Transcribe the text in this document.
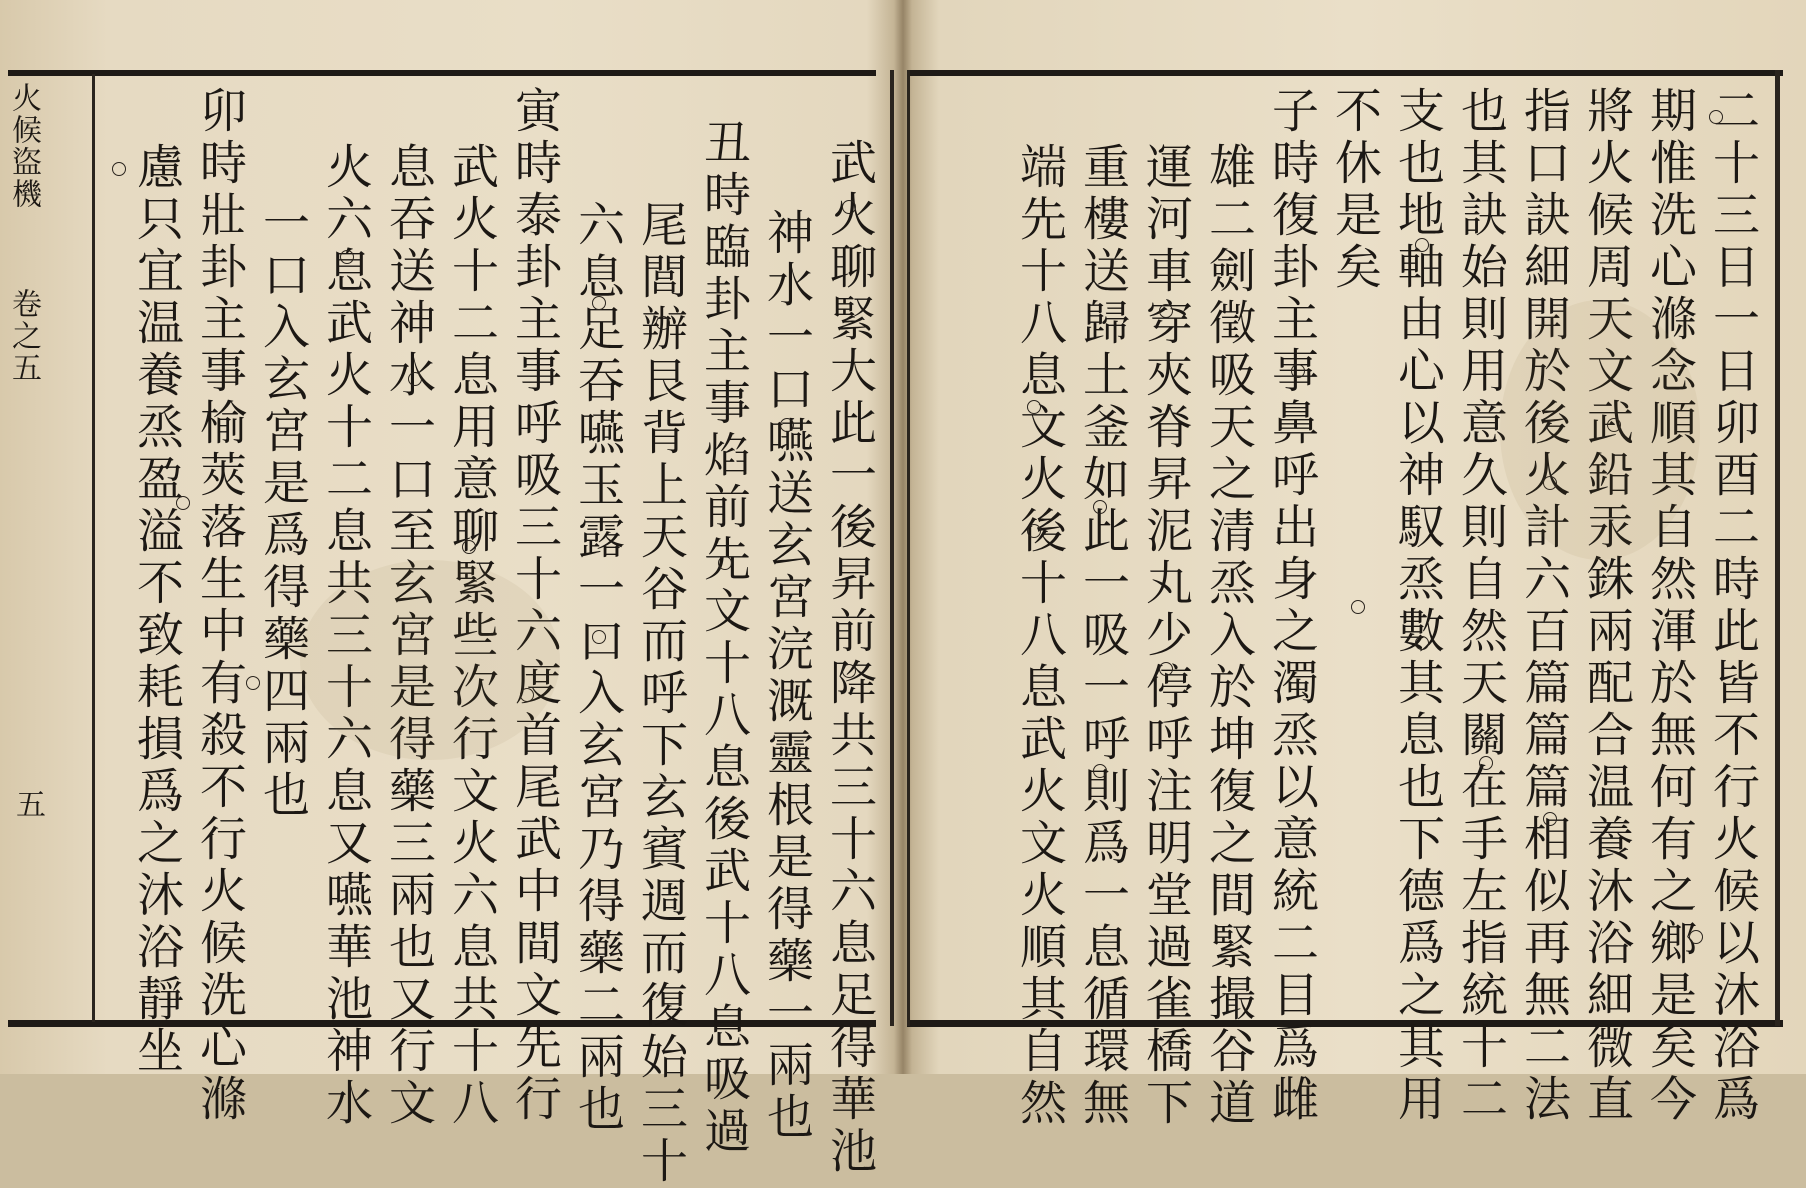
火候盜機
卷之五
五	武火聊緊大此一後昇前降共三十六息足得華池
神水一口嚥送玄宮浣溉靈根是得藥一兩也
丑時臨卦主事焰前先文十八息後武十八息吸過
尾閭辦艮背上天谷而呼下玄賓週而復始三十
六息足吞嚥玉露一口入玄宮乃得藥二兩也
寅時泰卦主事呼吸三十六度首尾武中間文先行
武火十二息用意聊緊些次行文火六息共十八
息吞送神水一口至玄宮是得藥三兩也又行文
火六息武火十二息共三十六息又嚥華池神水
一口入玄宮是爲得藥四兩也
卯時壯卦主事榆莢落生中有殺不行火候洗心滌
慮只宜温養烝盈溢不致耗損爲之沐浴靜坐	二十三日一日卯酉二時此皆不行火候以沐浴爲
期惟洗心滌念順其自然渾於無何有之鄉是矣今
將火候周天文武鉛汞銖兩配合温養沐浴細微直
指口訣細開於後火計六百篇篇篇相似再無二法
也其訣始則用意久則自然天關在手左指統十二
支也地軸由心以神馭烝數其息也下德爲之其用
不休是矣
子時復卦主事鼻呼出身之濁烝以意統二目爲雌
雄二劍徵吸天之清烝入於坤復之間緊撮谷道
運河車穿夾脊昇泥丸少停呼注明堂過雀橋下
重樓送歸土釜如此一吸一呼則爲一息循環無
端先十八息文火後十八息武火文火順其自然
